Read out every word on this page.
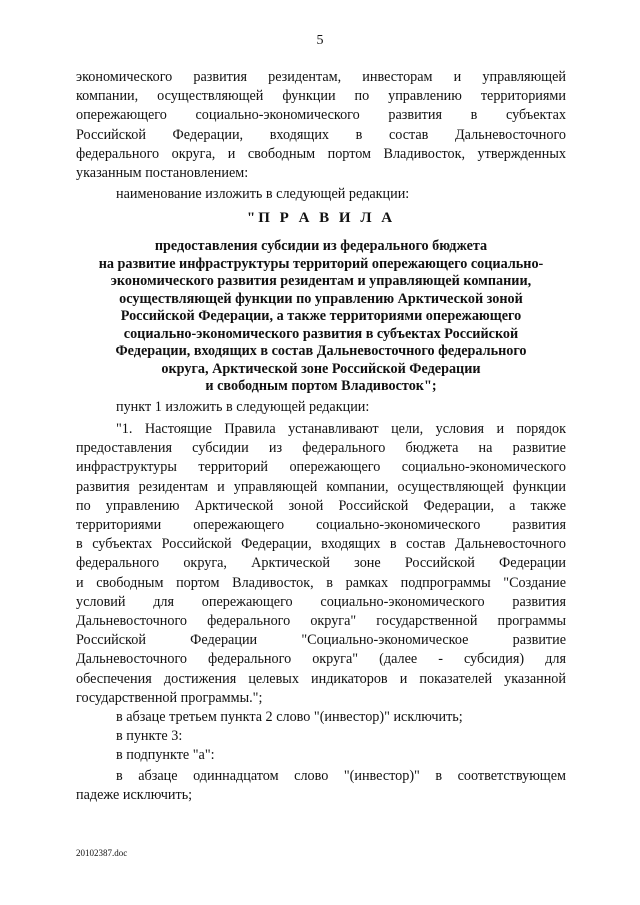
5
экономического развития резидентам, инвесторам и управляющей
компании, осуществляющей функции по управлению территориями
опережающего социально-экономического развития в субъектах
Российской Федерации, входящих в состав Дальневосточного
федерального округа, и свободным портом Владивосток, утвержденных
указанным постановлением:
наименование изложить в следующей редакции:
"П Р А В И Л А
предоставления субсидии из федерального бюджета
на развитие инфраструктуры территорий опережающего социально-
экономического развития резидентам и управляющей компании,
осуществляющей функции по управлению Арктической зоной
Российской Федерации, а также территориями опережающего
социально-экономического развития в субъектах Российской
Федерации, входящих в состав Дальневосточного федерального
округа, Арктической зоне Российской Федерации
и свободным портом Владивосток";
пункт 1 изложить в следующей редакции:
"1. Настоящие Правила устанавливают цели, условия и порядок
предоставления субсидии из федерального бюджета на развитие
инфраструктуры территорий опережающего социально-экономического
развития резидентам и управляющей компании, осуществляющей функции
по управлению Арктической зоной Российской Федерации, а также
территориями опережающего социально-экономического развития
в субъектах Российской Федерации, входящих в состав Дальневосточного
федерального округа, Арктической зоне Российской Федерации
и свободным портом Владивосток, в рамках подпрограммы "Создание
условий для опережающего социально-экономического развития
Дальневосточного федерального округа" государственной программы
Российской Федерации "Социально-экономическое развитие
Дальневосточного федерального округа" (далее - субсидия) для
обеспечения достижения целевых индикаторов и показателей указанной
государственной программы.";
в абзаце третьем пункта 2 слово "(инвестор)" исключить;
в пункте 3:
в подпункте "а":
в абзаце одиннадцатом слово "(инвестор)" в соответствующем
падеже исключить;
20102387.doc
